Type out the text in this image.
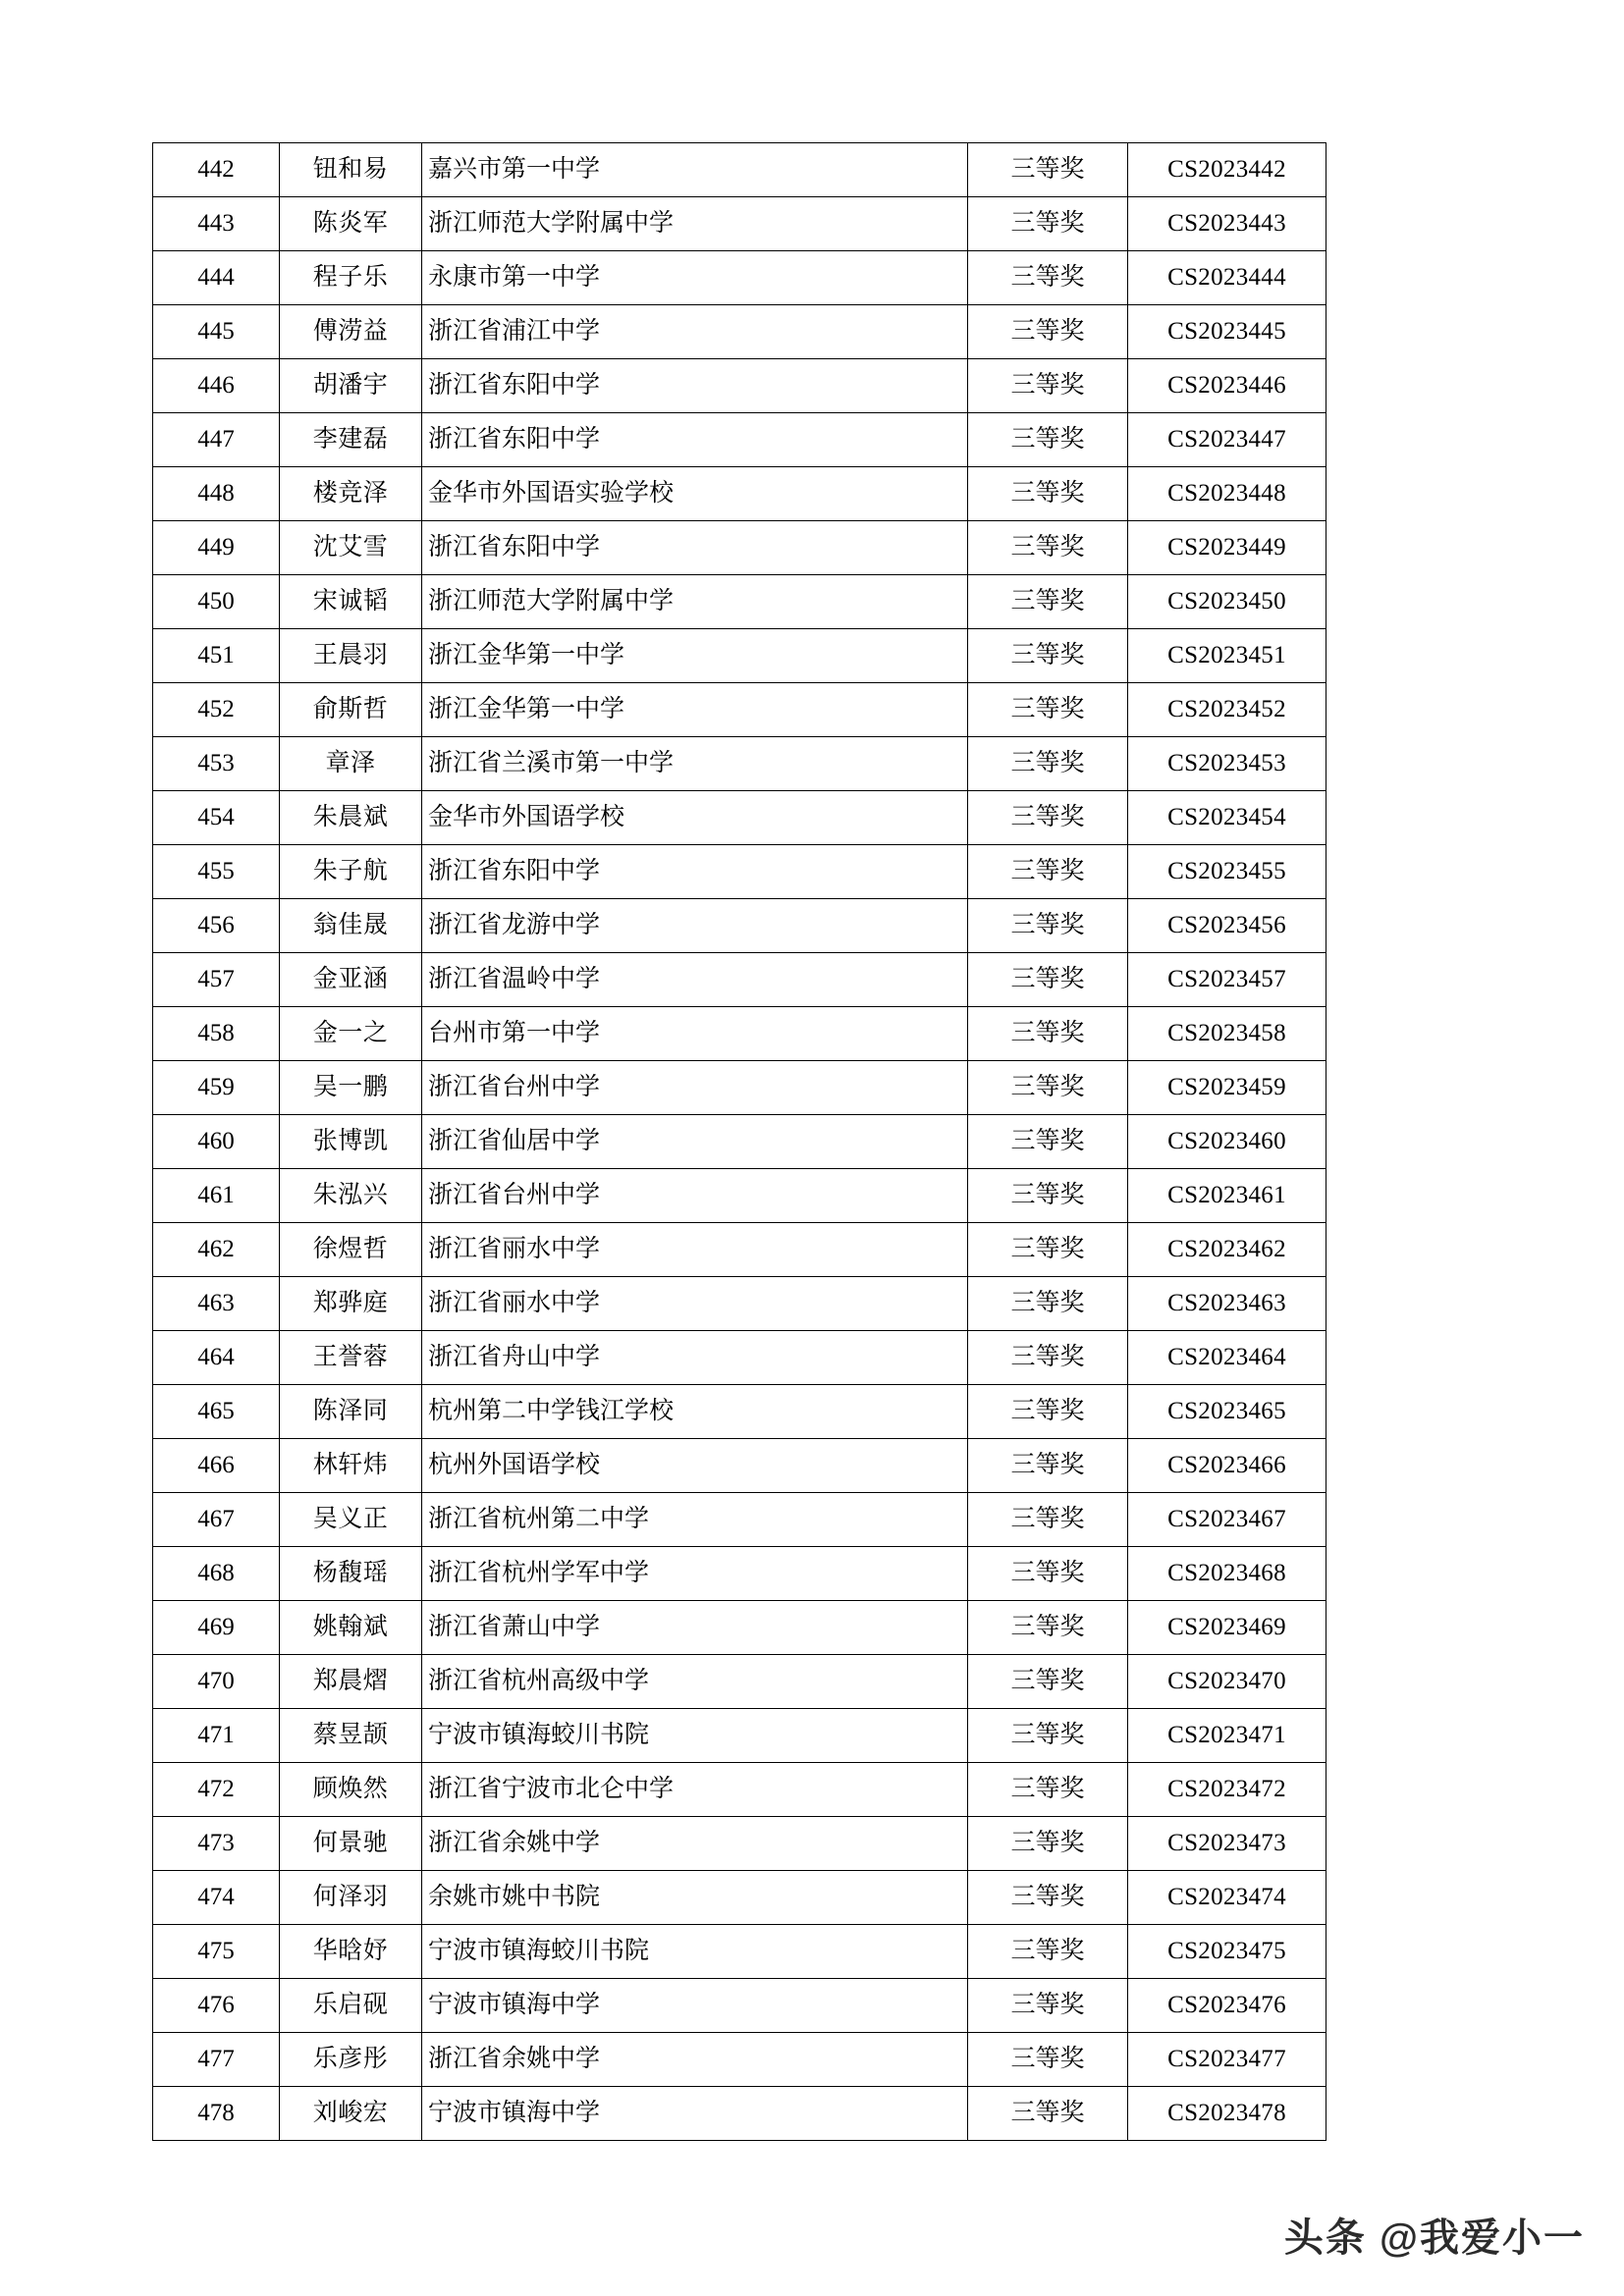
442	钮和易	嘉兴市第一中学	三等奖	CS2023442
443	陈炎军	浙江师范大学附属中学	三等奖	CS2023443
444	程子乐	永康市第一中学	三等奖	CS2023444
445	傅涝益	浙江省浦江中学	三等奖	CS2023445
446	胡潘宇	浙江省东阳中学	三等奖	CS2023446
447	李建磊	浙江省东阳中学	三等奖	CS2023447
448	楼竞泽	金华市外国语实验学校	三等奖	CS2023448
449	沈艾雪	浙江省东阳中学	三等奖	CS2023449
450	宋诚韬	浙江师范大学附属中学	三等奖	CS2023450
451	王晨羽	浙江金华第一中学	三等奖	CS2023451
452	俞斯哲	浙江金华第一中学	三等奖	CS2023452
453	章泽	浙江省兰溪市第一中学	三等奖	CS2023453
454	朱晨斌	金华市外国语学校	三等奖	CS2023454
455	朱子航	浙江省东阳中学	三等奖	CS2023455
456	翁佳晟	浙江省龙游中学	三等奖	CS2023456
457	金亚涵	浙江省温岭中学	三等奖	CS2023457
458	金一之	台州市第一中学	三等奖	CS2023458
459	吴一鹏	浙江省台州中学	三等奖	CS2023459
460	张博凯	浙江省仙居中学	三等奖	CS2023460
461	朱泓兴	浙江省台州中学	三等奖	CS2023461
462	徐煜哲	浙江省丽水中学	三等奖	CS2023462
463	郑骅庭	浙江省丽水中学	三等奖	CS2023463
464	王誉蓉	浙江省舟山中学	三等奖	CS2023464
465	陈泽同	杭州第二中学钱江学校	三等奖	CS2023465
466	林轩炜	杭州外国语学校	三等奖	CS2023466
467	吴义正	浙江省杭州第二中学	三等奖	CS2023467
468	杨馥瑶	浙江省杭州学军中学	三等奖	CS2023468
469	姚翰斌	浙江省萧山中学	三等奖	CS2023469
470	郑晨熠	浙江省杭州高级中学	三等奖	CS2023470
471	蔡昱颉	宁波市镇海蛟川书院	三等奖	CS2023471
472	顾焕然	浙江省宁波市北仑中学	三等奖	CS2023472
473	何景驰	浙江省余姚中学	三等奖	CS2023473
474	何泽羽	余姚市姚中书院	三等奖	CS2023474
475	华晗妤	宁波市镇海蛟川书院	三等奖	CS2023475
476	乐启砚	宁波市镇海中学	三等奖	CS2023476
477	乐彦彤	浙江省余姚中学	三等奖	CS2023477
478	刘峻宏	宁波市镇海中学	三等奖	CS2023478
头条 @我爱小一
